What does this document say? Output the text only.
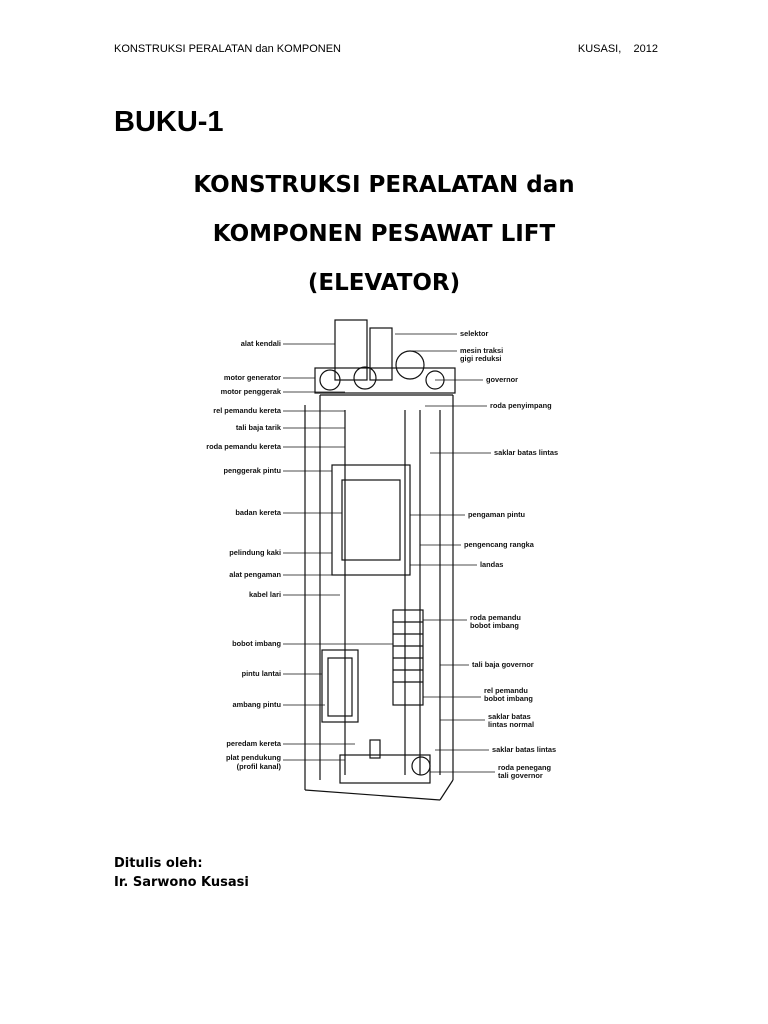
KONSTRUKSI PERALATAN dan KOMPONEN	KUSASI,    2012
BUKU-1
KONSTRUKSI PERALATAN dan
KOMPONEN PESAWAT LIFT
(ELEVATOR)
alat kendali
motor generator
motor penggerak
rel pemandu kereta
tali baja tarik
roda pemandu kereta
penggerak pintu
badan kereta
pelindung kaki
alat pengaman
kabel lari
bobot imbang
pintu lantai
ambang pintu
peredam kereta
plat pendukung
(profil kanal)
selektor
mesin traksi
gigi reduksi
governor
roda penyimpang
saklar batas lintas
pengaman pintu
pengencang rangka
landas
roda pemandu
bobot imbang
tali baja governor
rel pemandu
bobot imbang
saklar batas
lintas normal
saklar batas lintas
roda penegang
tali governor
Ditulis oleh:
Ir. Sarwono Kusasi
